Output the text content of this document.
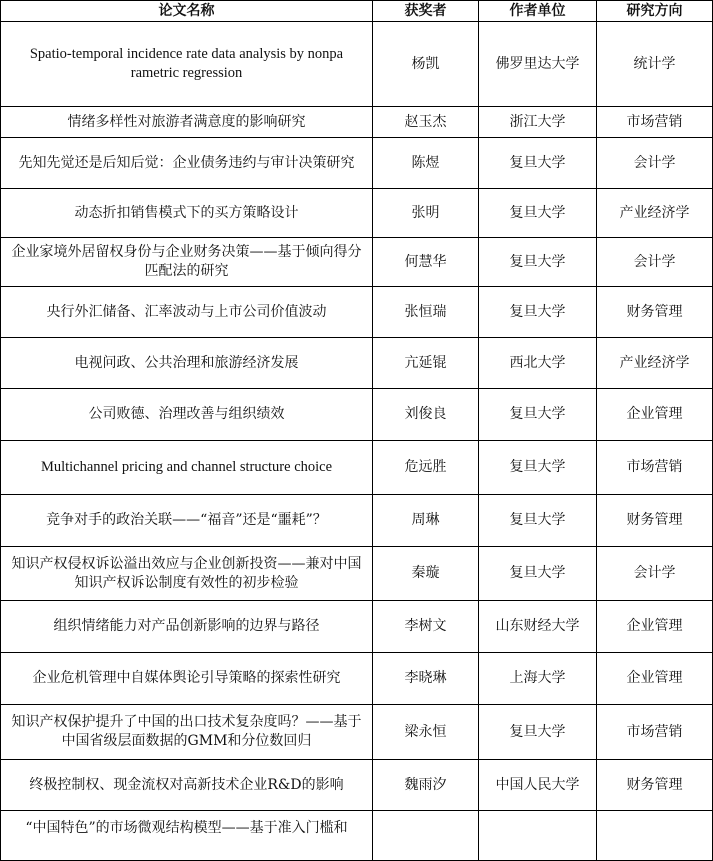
论文名称	获奖者	作者单位	研究方向
Spatio-temporal incidence rate data analysis by nonparametric regression	杨凯	佛罗里达大学	统计学
情绪多样性对旅游者满意度的影响研究	赵玉杰	浙江大学	市场营销
先知先觉还是后知后觉：企业债务违约与审计决策研究	陈煜	复旦大学	会计学
动态折扣销售模式下的买方策略设计	张明	复旦大学	产业经济学
企业家境外居留权身份与企业财务决策——基于倾向得分匹配法的研究	何慧华	复旦大学	会计学
央行外汇储备、汇率波动与上市公司价值波动	张恒瑞	复旦大学	财务管理
电视问政、公共治理和旅游经济发展	亢延锟	西北大学	产业经济学
公司败德、治理改善与组织绩效	刘俊良	复旦大学	企业管理
Multichannel pricing and channel structure choice	危远胜	复旦大学	市场营销
竞争对手的政治关联——“福音”还是“噩耗”？	周琳	复旦大学	财务管理
知识产权侵权诉讼溢出效应与企业创新投资——兼对中国知识产权诉讼制度有效性的初步检验	秦璇	复旦大学	会计学
组织情绪能力对产品创新影响的边界与路径	李树文	山东财经大学	企业管理
企业危机管理中自媒体舆论引导策略的探索性研究	李晓琳	上海大学	企业管理
知识产权保护提升了中国的出口技术复杂度吗？——基于中国省级层面数据的GMM和分位数回归	梁永恒	复旦大学	市场营销
终极控制权、现金流权对高新技术企业R&D的影响	魏雨汐	中国人民大学	财务管理
“中国特色”的市场微观结构模型——基于准入门槛和			
